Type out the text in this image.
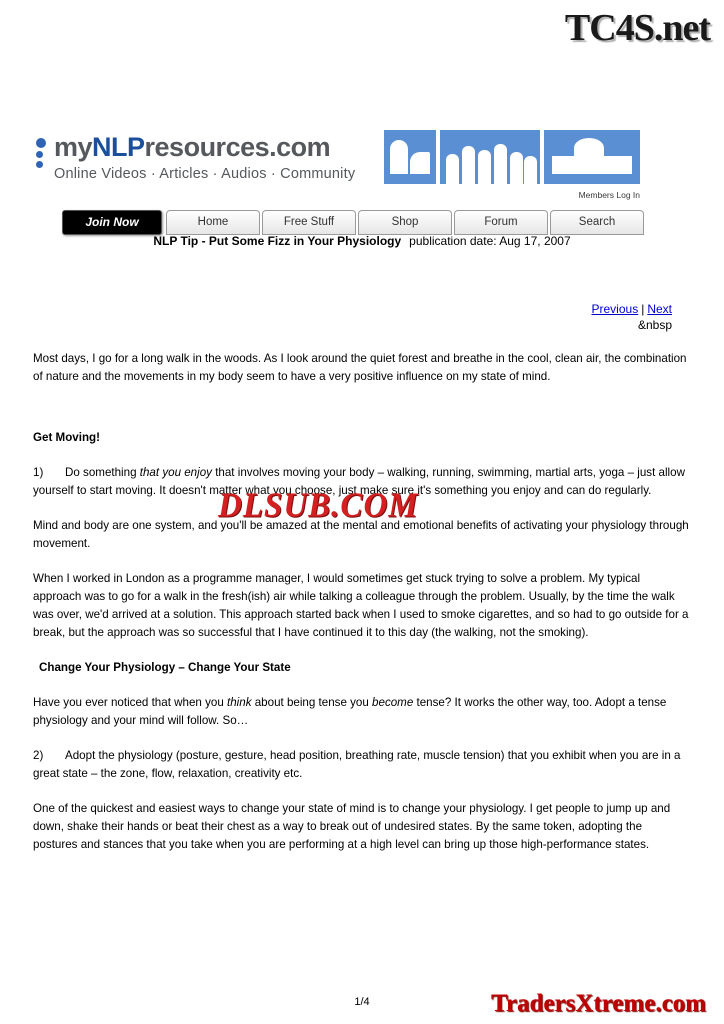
TC4S.net
myNLPresources.com
Online Videos · Articles · Audios · Community
Members Log In
Join Now	Home	Free Stuff	Shop	Forum	Search
NLP Tip - Put Some Fizz in Your Physiology publication date: Aug 17, 2007
Previous | Next
&nbsp

Most days, I go for a long walk in the woods. As I look around the quiet forest and breathe in the cool, clean air, the combination of nature and the movements in my body seem to have a very positive influence on my state of mind.

Get Moving!

1) Do something that you enjoy that involves moving your body – walking, running, swimming, martial arts, yoga – just allow yourself to start moving. It doesn't matter what you choose, just make sure it's something you enjoy and can do regularly.

Mind and body are one system, and you'll be amazed at the mental and emotional benefits of activating your physiology through movement.

When I worked in London as a programme manager, I would sometimes get stuck trying to solve a problem. My typical approach was to go for a walk in the fresh(ish) air while talking a colleague through the problem. Usually, by the time the walk was over, we'd arrived at a solution. This approach started back when I used to smoke cigarettes, and so had to go outside for a break, but the approach was so successful that I have continued it to this day (the walking, not the smoking).

Change Your Physiology – Change Your State

Have you ever noticed that when you think about being tense you become tense? It works the other way, too. Adopt a tense physiology and your mind will follow. So…

2) Adopt the physiology (posture, gesture, head position, breathing rate, muscle tension) that you exhibit when you are in a great state – the zone, flow, relaxation, creativity etc.

One of the quickest and easiest ways to change your state of mind is to change your physiology. I get people to jump up and down, shake their hands or beat their chest as a way to break out of undesired states. By the same token, adopting the postures and stances that you take when you are performing at a high level can bring up those high-performance states.

DLSUB.COM
1/4	TradersXtreme.com
